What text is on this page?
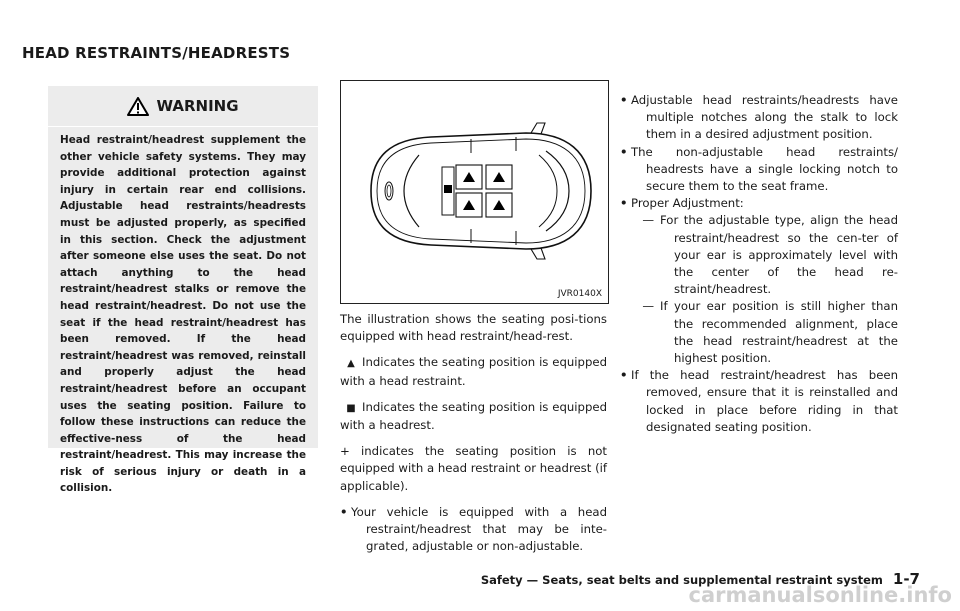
HEAD RESTRAINTS/HEADRESTS
WARNING

Head restraint/headrest supplement the other vehicle safety systems. They may provide additional protection against injury in certain rear end collisions. Adjustable head restraints/headrests must be adjusted properly, as specified in this section. Check the adjustment after someone else uses the seat. Do not attach anything to the head restraint/headrest stalks or remove the head restraint/headrest. Do not use the seat if the head restraint/headrest has been removed. If the head restraint/headrest was removed, reinstall and properly adjust the head restraint/headrest before an occupant uses the seating position. Failure to follow these instructions can reduce the effective-ness of the head restraint/headrest. This may increase the risk of serious injury or death in a collision.

JVR0140X

The illustration shows the seating posi-tions equipped with head restraint/head-rest.

▲ Indicates the seating position is equipped with a head restraint.

■ Indicates the seating position is equipped with a headrest.

+ indicates the seating position is not equipped with a head restraint or headrest (if applicable).

• Your vehicle is equipped with a head restraint/headrest that may be inte-grated, adjustable or non-adjustable.
• Adjustable head restraints/headrests have multiple notches along the stalk to lock them in a desired adjustment position.
• The non-adjustable head restraints/ headrests have a single locking notch to secure them to the seat frame.
• Proper Adjustment:
— For the adjustable type, align the head restraint/headrest so the cen-ter of your ear is approximately level with the center of the head re-straint/headrest.
— If your ear position is still higher than the recommended alignment, place the head restraint/headrest at the highest position.
• If the head restraint/headrest has been removed, ensure that it is reinstalled and locked in place before riding in that designated seating position.
Safety — Seats, seat belts and supplemental restraint system 1-7
carmanualsonline.info
